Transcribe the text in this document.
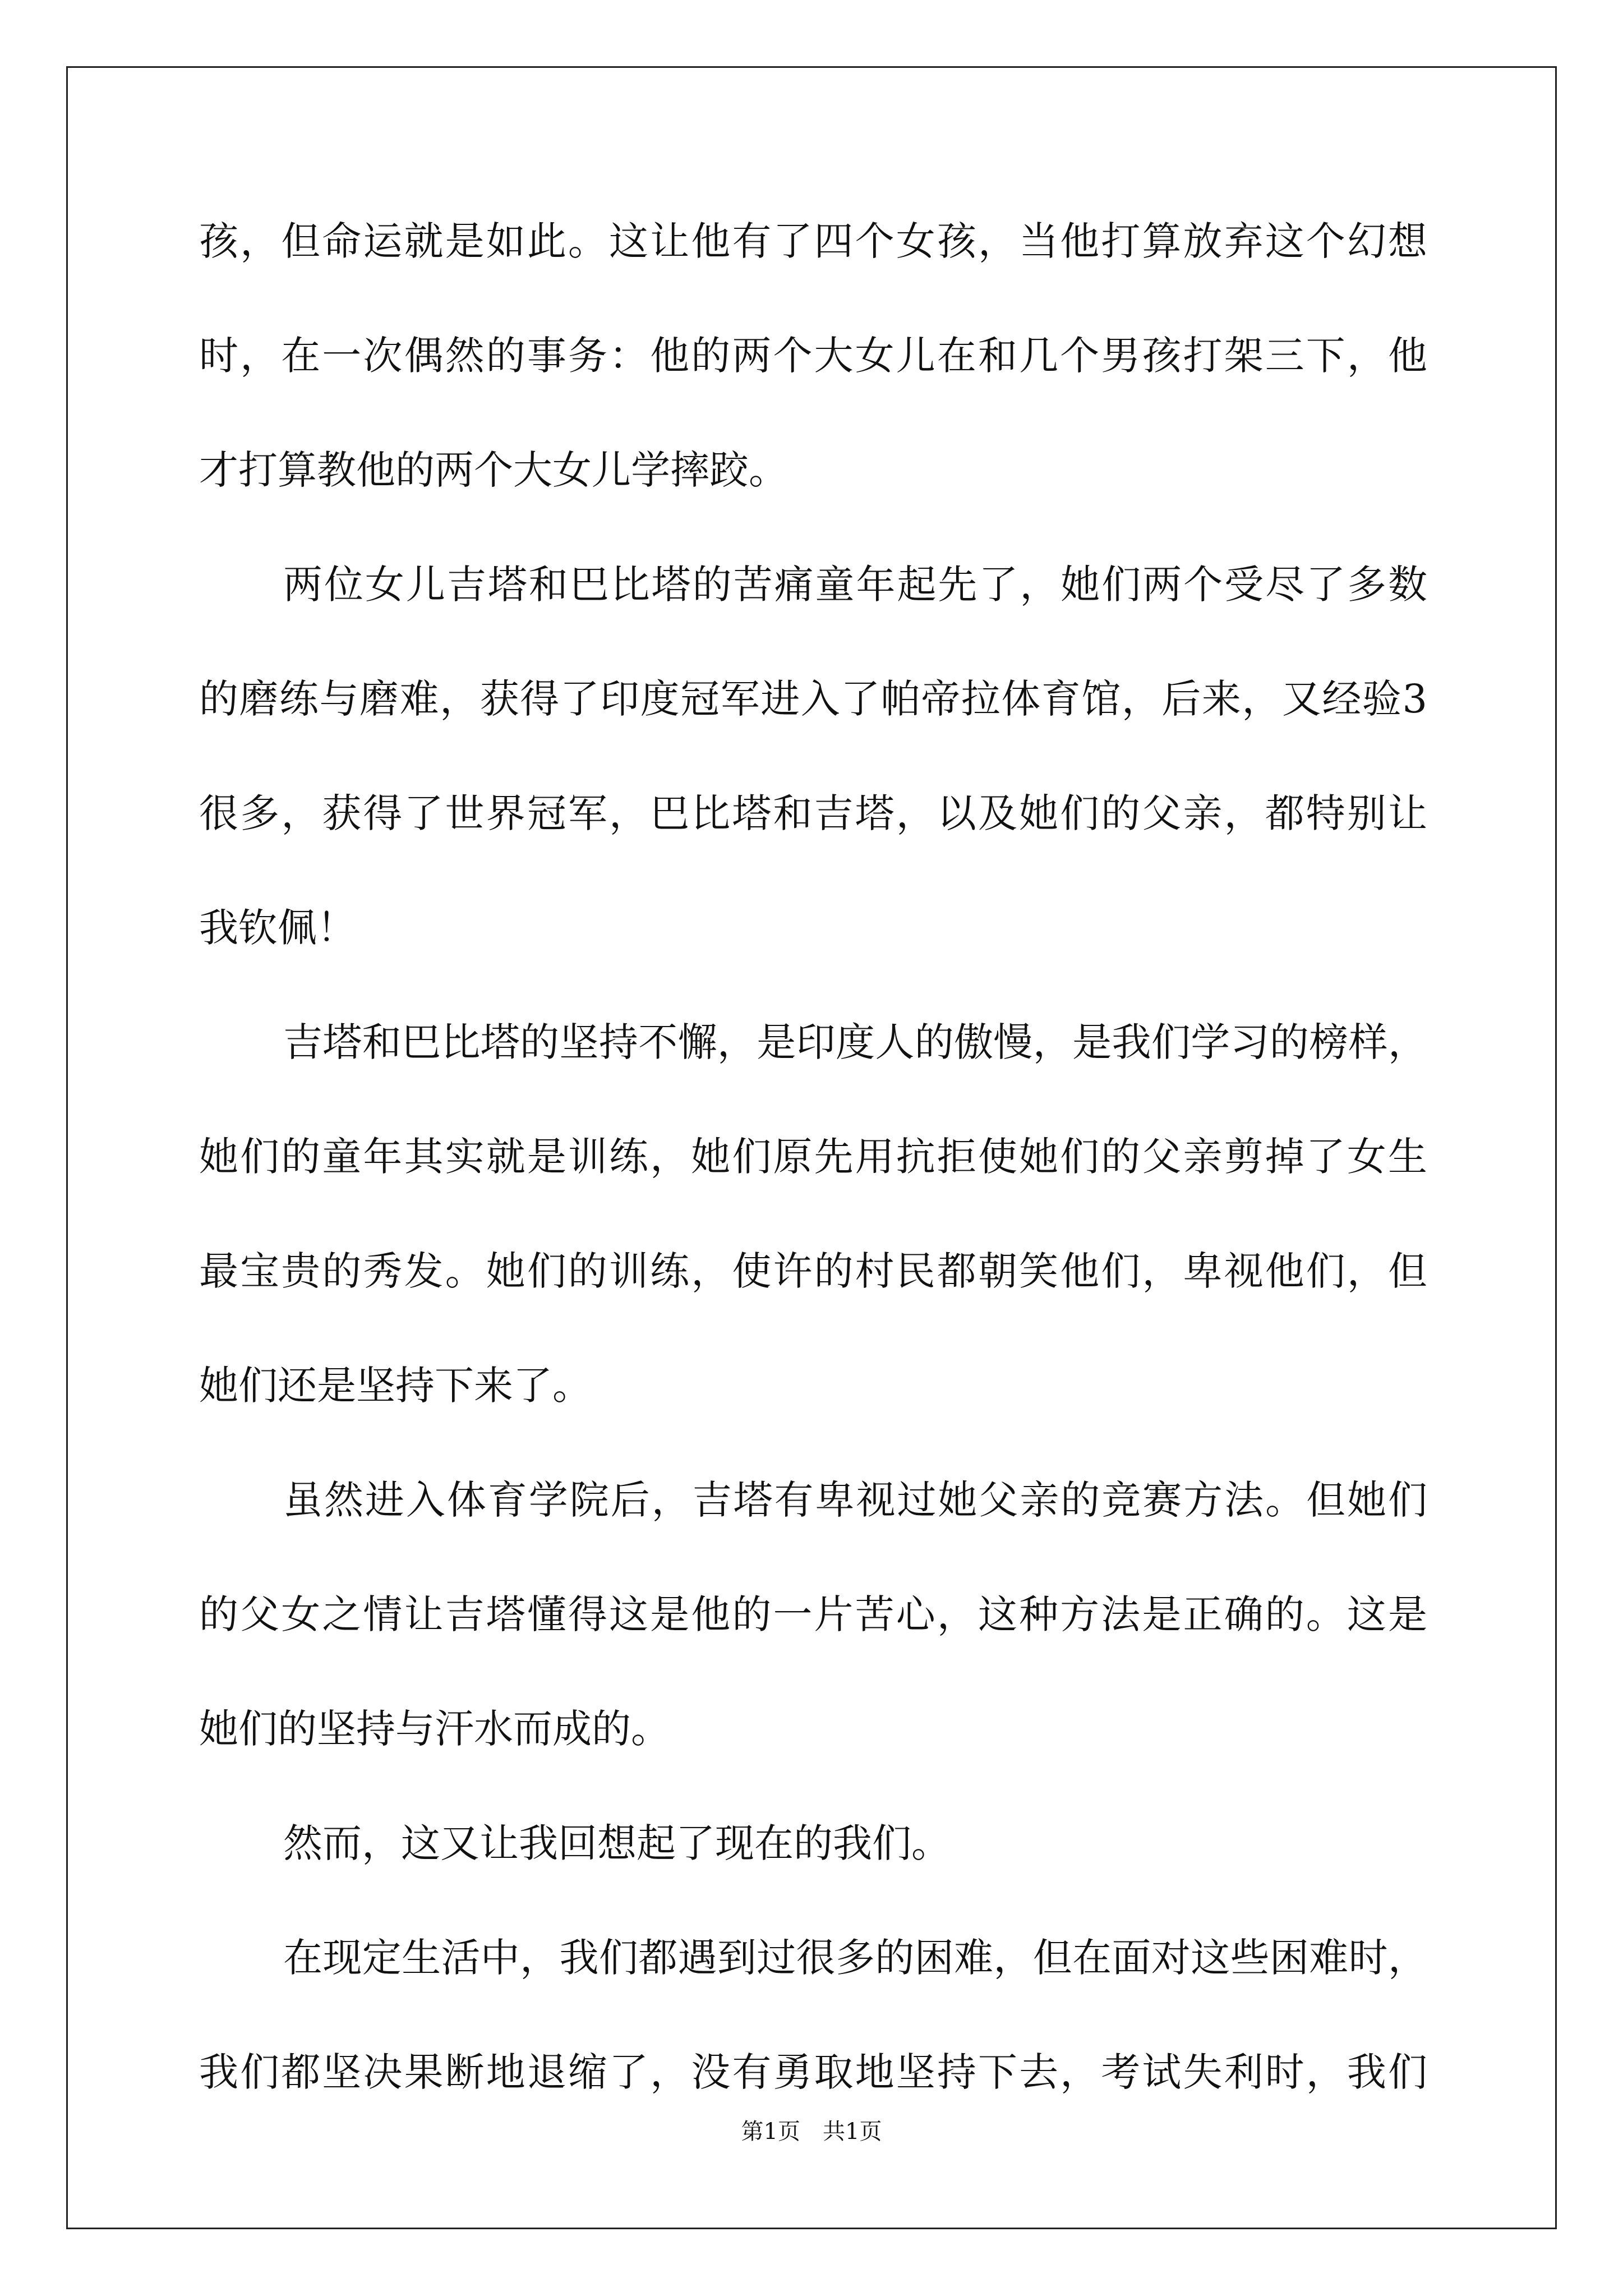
孩，但命运就是如此。这让他有了四个女孩，当他打算放弃这个幻想
时，在一次偶然的事务：他的两个大女儿在和几个男孩打架三下，他
才打算教他的两个大女儿学摔跤。
两位女儿吉塔和巴比塔的苦痛童年起先了，她们两个受尽了多数
的磨练与磨难，获得了印度冠军进入了帕帝拉体育馆，后来，又经验3
很多，获得了世界冠军，巴比塔和吉塔，以及她们的父亲，都特别让
我钦佩！
吉塔和巴比塔的坚持不懈，是印度人的傲慢，是我们学习的榜样，
她们的童年其实就是训练，她们原先用抗拒使她们的父亲剪掉了女生
最宝贵的秀发。她们的训练，使许的村民都朝笑他们，卑视他们，但
她们还是坚持下来了。
虽然进入体育学院后，吉塔有卑视过她父亲的竞赛方法。但她们
的父女之情让吉塔懂得这是他的一片苦心，这种方法是正确的。这是
她们的坚持与汗水而成的。
然而，这又让我回想起了现在的我们。
在现定生活中，我们都遇到过很多的困难，但在面对这些困难时，
我们都坚决果断地退缩了，没有勇取地坚持下去，考试失利时，我们
第1页　共1页
